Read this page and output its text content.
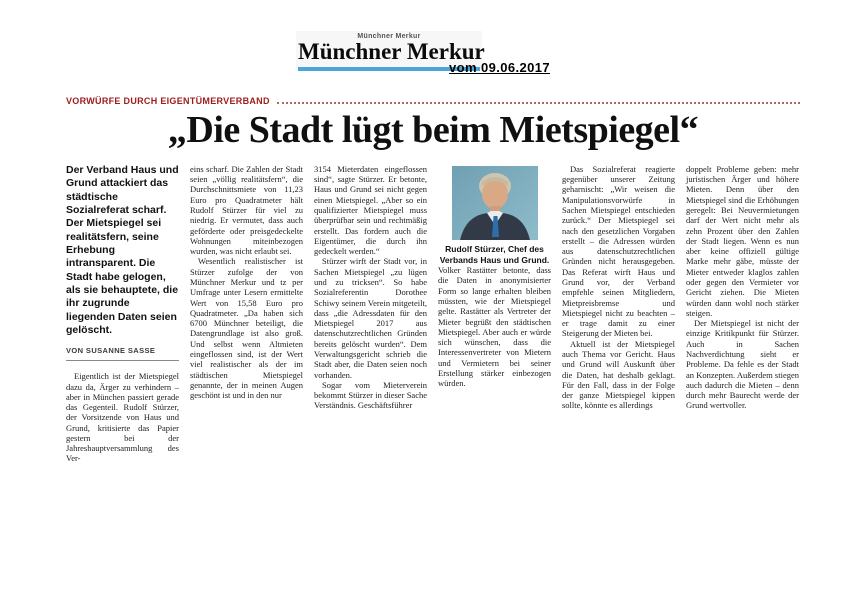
Münchner Merkur
Münchner Merkur
vom 09.06.2017
VORWÜRFE DURCH EIGENTÜMERVERBAND
„Die Stadt lügt beim Mietspiegel“

Der Verband Haus und Grund attackiert das städtische Sozialreferat scharf. Der Mietspiegel sei realitätsfern, seine Erhebung intransparent. Die Stadt habe gelogen, als sie behauptete, die ihr zugrunde liegenden Daten seien gelöscht.

VON SUSANNE SASSE

Eigentlich ist der Mietspiegel dazu da, Ärger zu verhindern – aber in München passiert gerade das Gegenteil. Rudolf Stürzer, der Vorsitzende von Haus und Grund, kritisierte das Papier gestern bei der Jahreshauptversammlung des Ver-

eins scharf. Die Zahlen der Stadt seien „völlig realitätsfern“, die Durchschnittsmiete von 11,23 Euro pro Quadratmeter hält Rudolf Stürzer für viel zu niedrig. Er vermutet, dass auch geförderte oder preisgedeckelte Wohnungen miteinbezogen wurden, was nicht erlaubt sei.

Wesentlich realistischer ist Stürzer zufolge der von Münchner Merkur und tz per Umfrage unter Lesern ermittelte Wert von 15,58 Euro pro Quadratmeter. „Da haben sich 6700 Münchner beteiligt, die Datengrundlage ist also groß. Und selbst wenn Altmieten eingeflossen sind, ist der Wert viel realistischer als der im städtischen Mietspiegel genannte, der in meinen Augen geschönt ist und in den nur

3154 Mieterdaten eingeflossen sind“, sagte Stürzer. Er betonte, Haus und Grund sei nicht gegen einen Mietspiegel. „Aber so ein qualifizierter Mietspiegel muss überprüfbar sein und rechtmäßig erstellt. Das fordern auch die Eigentümer, die durch ihn gedeckelt werden.“

Stürzer wirft der Stadt vor, in Sachen Mietspiegel „zu lügen und zu tricksen“. So habe Sozialreferentin Dorothee Schiwy seinem Verein mitgeteilt, dass „die Adressdaten für den Mietspiegel 2017 aus datenschutzrechtlichen Gründen bereits gelöscht wurden“. Dem Verwaltungsgericht schrieb die Stadt aber, die Daten seien noch vorhanden.

Sogar vom Mieterverein bekommt Stürzer in dieser Sache Verständnis. Geschäftsführer

Rudolf Stürzer, Chef des Verbands Haus und Grund.

Volker Rastätter betonte, dass die Daten in anonymisierter Form so lange erhalten bleiben müssten, wie der Mietspiegel gelte. Rastätter als Vertreter der Mieter begrüßt den städtischen Mietspiegel. Aber auch er würde sich wünschen, dass die Interessenvertreter von Mietern und Vermietern bei seiner Erstellung stärker einbezogen würden.

Das Sozialreferat reagierte gegenüber unserer Zeitung geharnischt: „Wir weisen die Manipulationsvorwürfe in Sachen Mietspiegel entschieden zurück.“ Der Mietspiegel sei nach den gesetzlichen Vorgaben erstellt – die Adressen würden aus datenschutzrechtlichen Gründen nicht herausgegeben. Das Referat wirft Haus und Grund vor, der Verband empfehle seinen Mitgliedern, Mietpreisbremse und Mietspiegel nicht zu beachten – er trage damit zu einer Steigerung der Mieten bei.

Aktuell ist der Mietspiegel auch Thema vor Gericht. Haus und Grund will Auskunft über die Daten, hat deshalb geklagt. Für den Fall, dass in der Folge der ganze Mietspiegel kippen sollte, könnte es allerdings

doppelt Probleme geben: mehr juristischen Ärger und höhere Mieten. Denn über den Mietspiegel sind die Erhöhungen geregelt: Bei Neuvermietungen darf der Wert nicht mehr als zehn Prozent über den Zahlen der Stadt liegen. Wenn es nun aber keine offiziell gültige Marke mehr gäbe, müsste der Mieter entweder klaglos zahlen oder gegen den Vermieter vor Gericht ziehen. Die Mieten würden dann wohl noch stärker steigen.

Der Mietspiegel ist nicht der einzige Kritikpunkt für Stürzer. Auch in Sachen Nachverdichtung sieht er Probleme. Da fehle es der Stadt an Konzepten. Außerdem stiegen auch dadurch die Mieten – denn durch mehr Baurecht werde der Grund wertvoller.
